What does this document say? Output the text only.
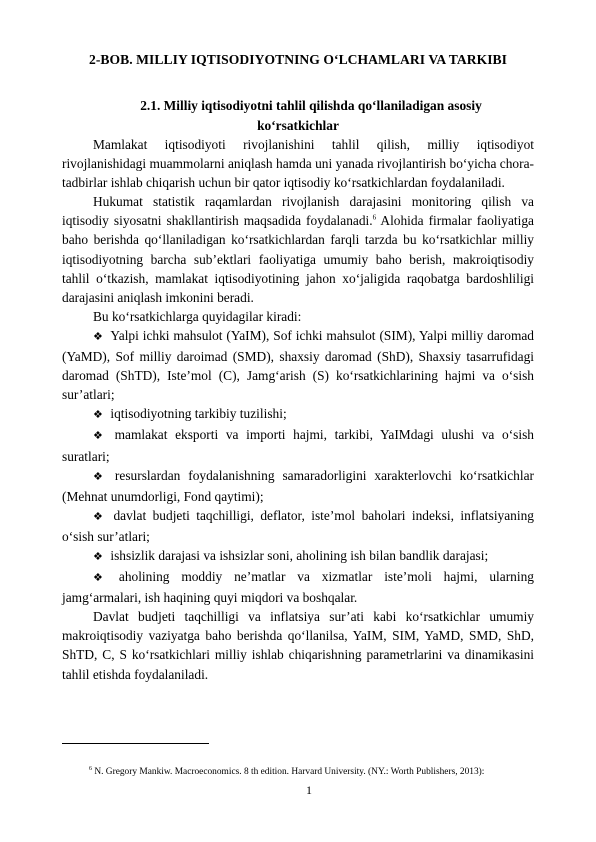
2-BOB. MILLIY IQTISODIYOTNING O‘LCHAMLARI VA TARKIBI
2.1. Milliy iqtisodiyotni tahlil qilishda qo‘llaniladigan asosiy
ko‘rsatkichlar

Mamlakat iqtisodiyoti rivojlanishini tahlil qilish, milliy iqtisodiyot rivojlanishidagi muammolarni aniqlash hamda uni yanada rivojlantirish bo‘yicha chora-tadbirlar ishlab chiqarish uchun bir qator iqtisodiy ko‘rsatkichlardan foydalaniladi.

Hukumat statistik raqamlardan rivojlanish darajasini monitoring qilish va iqtisodiy siyosatni shakllantirish maqsadida foydalanadi.$^6$ Alohida firmalar faoliyatiga baho berishda qo‘llaniladigan ko‘rsatkichlardan farqli tarzda bu ko‘rsatkichlar milliy iqtisodiyotning barcha sub’ektlari faoliyatiga umumiy baho berish, makroiqtisodiy tahlil o‘tkazish, mamlakat iqtisodiyotining jahon xo‘jaligida raqobatga bardoshliligi darajasini aniqlash imkonini beradi.

Bu ko‘rsatkichlarga quyidagilar kiradi:

❖ Yalpi ichki mahsulot (YaIM), Sof ichki mahsulot (SIM), Yalpi milliy daromad (YaMD), Sof milliy daroimad (SMD), shaxsiy daromad (ShD), Shaxsiy tasarrufidagi daromad (ShTD), Iste’mol (C), Jamg‘arish (S) ko‘rsatkichlarining hajmi va o‘sish sur’atlari;

❖ iqtisodiyotning tarkibiy tuzilishi;

❖ mamlakat eksporti va importi hajmi, tarkibi, YaIMdagi ulushi va o‘sish suratlari;

❖ resurslardan foydalanishning samaradorligini xarakterlovchi ko‘rsatkichlar (Mehnat unumdorligi, Fond qaytimi);

❖ davlat budjeti taqchilligi, deflator, iste’mol baholari indeksi, inflatsiyaning o‘sish sur’atlari;

❖ ishsizlik darajasi va ishsizlar soni, aholining ish bilan bandlik darajasi;

❖ aholining moddiy ne’matlar va xizmatlar iste’moli hajmi, ularning jamg‘armalari, ish haqining quyi miqdori va boshqalar.

Davlat budjeti taqchilligi va inflatsiya sur’ati kabi ko‘rsatkichlar umumiy makroiqtisodiy vaziyatga baho berishda qo‘llanilsa, YaIM, SIM, YaMD, SMD, ShD, ShTD, C, S ko‘rsatkichlari milliy ishlab chiqarishning parametrlarini va dinamikasini tahlil etishda foydalaniladi.

$^6$ N. Gregory Mankiw. Macroeconomics. 8 th edition. Harvard University. (NY.: Worth Publishers, 2013):
1
